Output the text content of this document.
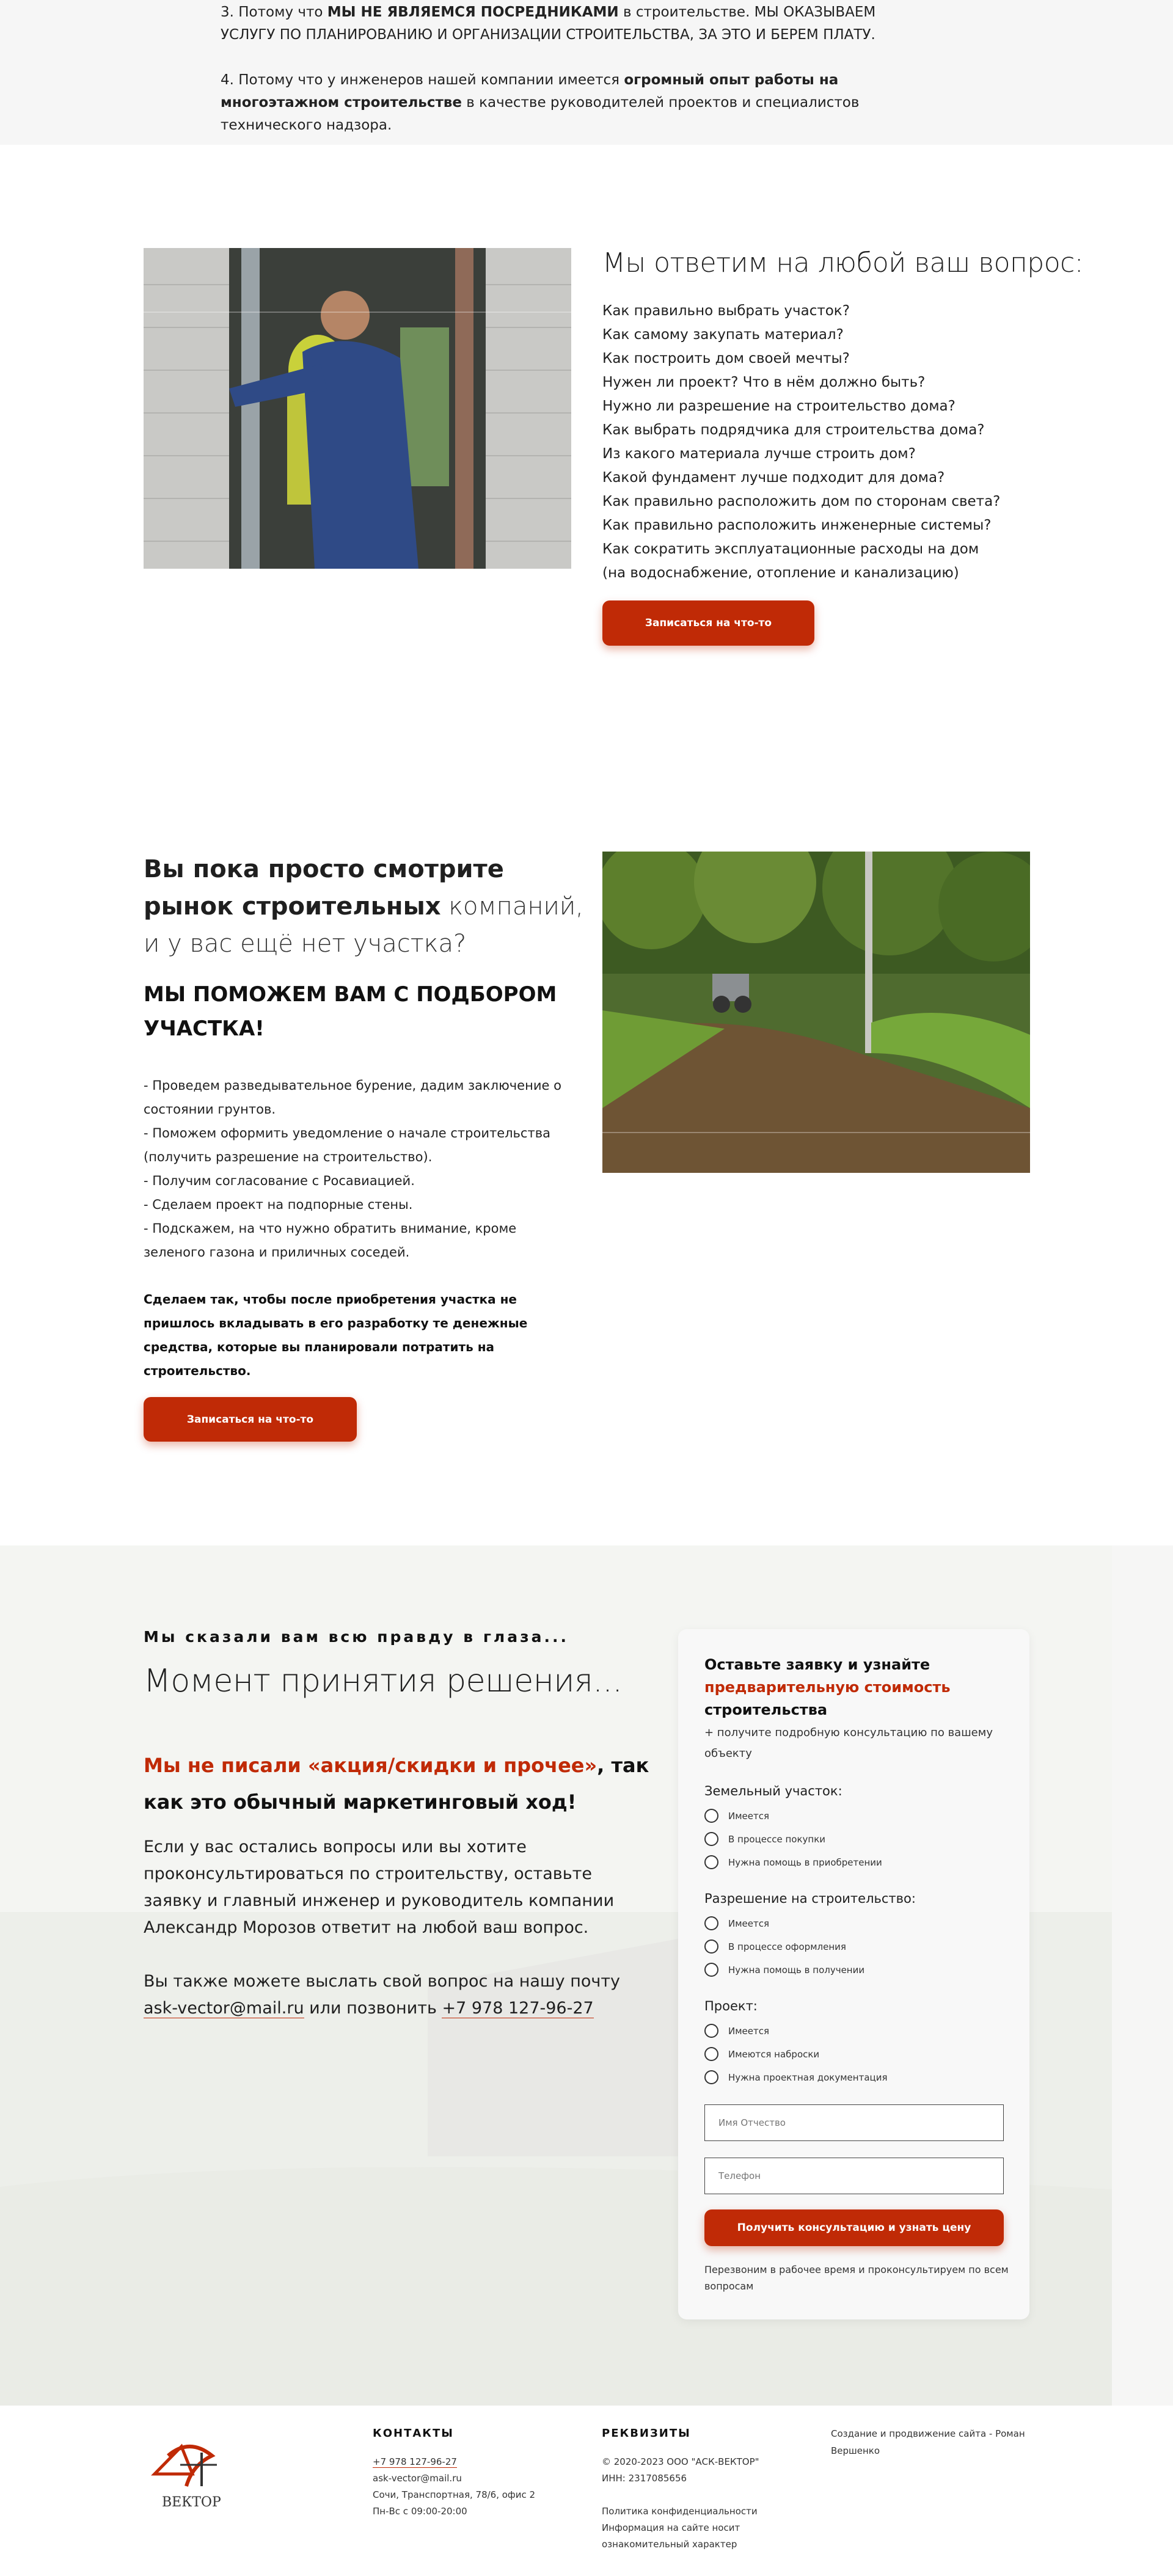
3. Потому что МЫ НЕ ЯВЛЯЕМСЯ ПОСРЕДНИКАМИ в строительстве. МЫ ОКАЗЫВАЕМ УСЛУГУ ПО ПЛАНИРОВАНИЮ И ОРГАНИЗАЦИИ СТРОИТЕЛЬСТВА, ЗА ЭТО И БЕРЕМ ПЛАТУ.

4. Потому что у инженеров нашей компании имеется огромный опыт работы на многоэтажном строительстве в качестве руководителей проектов и специалистов технического надзора.

Мы ответим на любой ваш вопрос:
Как правильно выбрать участок?
Как самому закупать материал?
Как построить дом своей мечты?
Нужен ли проект? Что в нём должно быть?
Нужно ли разрешение на строительство дома?
Как выбрать подрядчика для строительства дома?
Из какого материала лучше строить дом?
Какой фундамент лучше подходит для дома?
Как правильно расположить дом по сторонам света?
Как правильно расположить инженерные системы?
Как сократить эксплуатационные расходы на дом
(на водоснабжение, отопление и канализацию)
Записаться на что-то
Вы пока просто смотрите рынок строительных компаний, и у вас ещё нет участка?
МЫ ПОМОЖЕМ ВАМ С ПОДБОРОМ УЧАСТКА!
- Проведем разведывательное бурение, дадим заключение о состоянии грунтов.
- Поможем оформить уведомление о начале строительства (получить разрешение на строительство).
- Получим согласование с Росавиацией.
- Сделаем проект на подпорные стены.
- Подскажем, на что нужно обратить внимание, кроме зеленого газона и приличных соседей.
Сделаем так, чтобы после приобретения участка не пришлось вкладывать в его разработку те денежные средства, которые вы планировали потратить на строительство.
Записаться на что-то
Мы сказали вам всю правду в глаза...
Момент принятия решения...
Мы не писали «акция/скидки и прочее», так как это обычный маркетинговый ход!
Если у вас остались вопросы или вы хотите проконсультироваться по строительству, оставьте заявку и главный инженер и руководитель компании Александр Морозов ответит на любой ваш вопрос.
Вы также можете выслать свой вопрос на нашу почту ask-vector@mail.ru или позвонить +7 978 127-96-27
Оставьте заявку и узнайте предварительную стоимость строительства
+ получите подробную консультацию по вашему объекту
Земельный участок:
Имеется
В процессе покупки
Нужна помощь в приобретении
Разрешение на строительство:
Имеется
В процессе оформления
Нужна помощь в получении
Проект:
Имеется
Имеются наброски
Нужна проектная документация
Имя Отчество
Телефон
Получить консультацию и узнать цену
Перезвоним в рабочее время и проконсультируем по всем вопросам
ВЕКТОР
КОНТАКТЫ
+7 978 127-96-27
ask-vector@mail.ru
Сочи, Транспортная, 78/6, офис 2
Пн-Вс с 09:00-20:00
РЕКВИЗИТЫ
© 2020-2023 ООО "АСК-ВЕКТОР"
ИНН: 2317085656
Политика конфиденциальности
Информация на сайте носит ознакомительный характер
Создание и продвижение сайта - Роман Вершенко
